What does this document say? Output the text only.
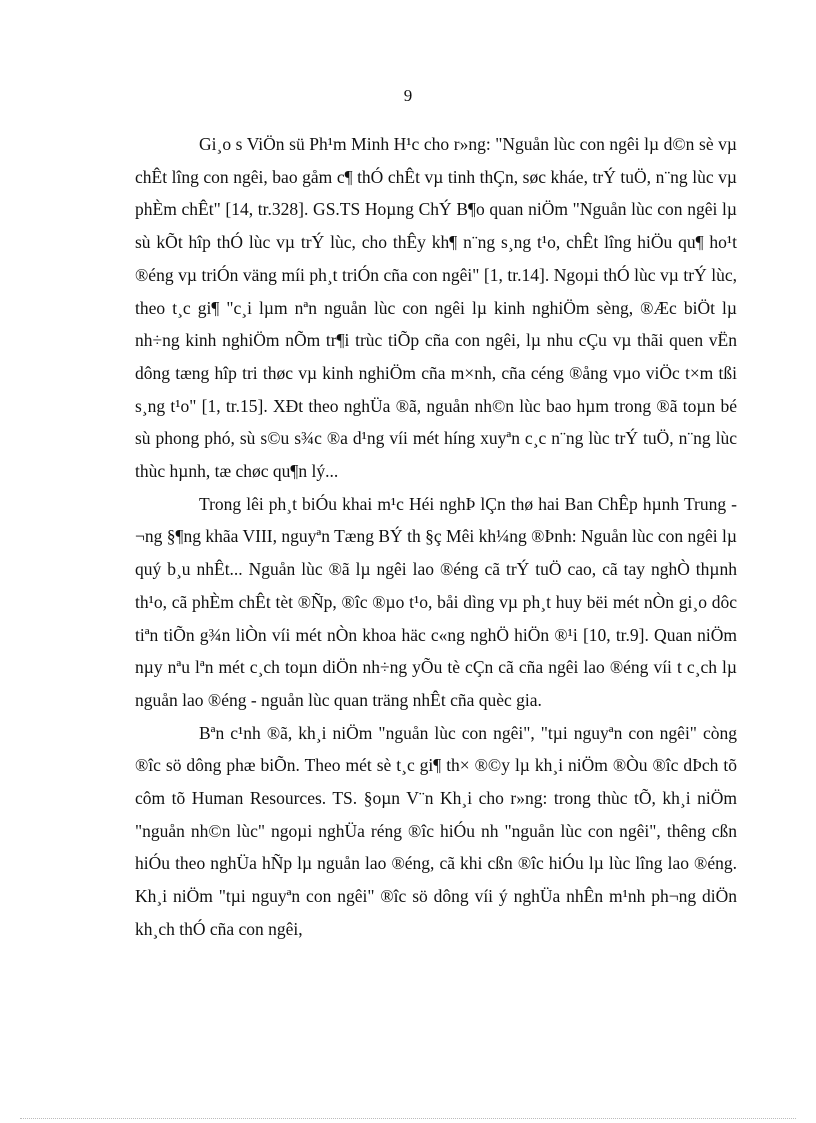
9

Gi¸o s ViÖn sü Ph¹m Minh H¹c cho r»ng: "Nguån lùc con ngêi lµ d©n sè vµ chÊt lîng con ngêi, bao gåm c¶ thÓ chÊt vµ tinh thÇn, søc kháe, trÝ tuÖ, n¨ng lùc vµ phÈm chÊt" [14, tr.328]. GS.TS Hoµng ChÝ B¶o quan niÖm "Nguån lùc con ngêi lµ sù kÕt hîp thÓ lùc vµ trÝ lùc, cho thÊy kh¶ n¨ng s¸ng t¹o, chÊt lîng hiÖu qu¶ ho¹t ®éng vµ triÓn väng míi ph¸t triÓn cña con ngêi" [1, tr.14]. Ngoµi thÓ lùc vµ trÝ lùc, theo t¸c gi¶ "c¸i lµm nªn nguån lùc con ngêi lµ kinh nghiÖm sèng, ®Æc biÖt lµ nh÷ng kinh nghiÖm nÕm tr¶i trùc tiÕp cña con ngêi, lµ nhu cÇu vµ thãi quen vËn dông tæng hîp tri thøc vµ kinh nghiÖm cña m×nh, cña céng ®ång vµo viÖc t×m tßi s¸ng t¹o" [1, tr.15]. XÐt theo nghÜa ®ã, nguån nh©n lùc bao hµm trong ®ã toµn bé sù phong phó, sù s©u s¾c ®a d¹ng víi mét híng xuyªn c¸c n¨ng lùc trÝ tuÖ, n¨ng lùc thùc hµnh, tæ chøc qu¶n lý...

Trong lêi ph¸t biÓu khai m¹c Héi nghÞ lÇn thø hai Ban ChÊp hµnh Trung ¬ng §¶ng khãa VIII, nguyªn Tæng BÝ th §ç Mêi kh¼ng ®Þnh: Nguån lùc con ngêi lµ quý b¸u nhÊt... Nguån lùc ®ã lµ ngêi lao ®éng cã trÝ tuÖ cao, cã tay nghÒ thµnh th¹o, cã phÈm chÊt tèt ®Ñp, ®îc ®µo t¹o, båi dìng vµ ph¸t huy bëi mét nÒn gi¸o dôc tiªn tiÕn g¾n liÒn víi mét nÒn khoa häc c«ng nghÖ hiÖn ®¹i [10, tr.9]. Quan niÖm nµy nªu lªn mét c¸ch toµn diÖn nh÷ng yÕu tè cÇn cã cña ngêi lao ®éng víi t c¸ch lµ nguån lao ®éng - nguån lùc quan träng nhÊt cña quèc gia.

Bªn c¹nh ®ã, kh¸i niÖm "nguån lùc con ngêi", "tµi nguyªn con ngêi" còng ®îc sö dông phæ biÕn. Theo mét sè t¸c gi¶ th× ®©y lµ kh¸i niÖm ®Òu ®îc dÞch tõ côm tõ Human Resources. TS. §oµn V¨n Kh¸i cho r»ng: trong thùc tÕ, kh¸i niÖm "nguån nh©n lùc" ngoµi nghÜa réng ®îc hiÓu nh "nguån lùc con ngêi", thêng cßn hiÓu theo nghÜa hÑp lµ nguån lao ®éng, cã khi cßn ®îc hiÓu lµ lùc lîng lao ®éng. Kh¸i niÖm "tµi nguyªn con ngêi" ®îc sö dông víi ý nghÜa nhÊn m¹nh ph¬ng diÖn kh¸ch thÓ cña con ngêi,
